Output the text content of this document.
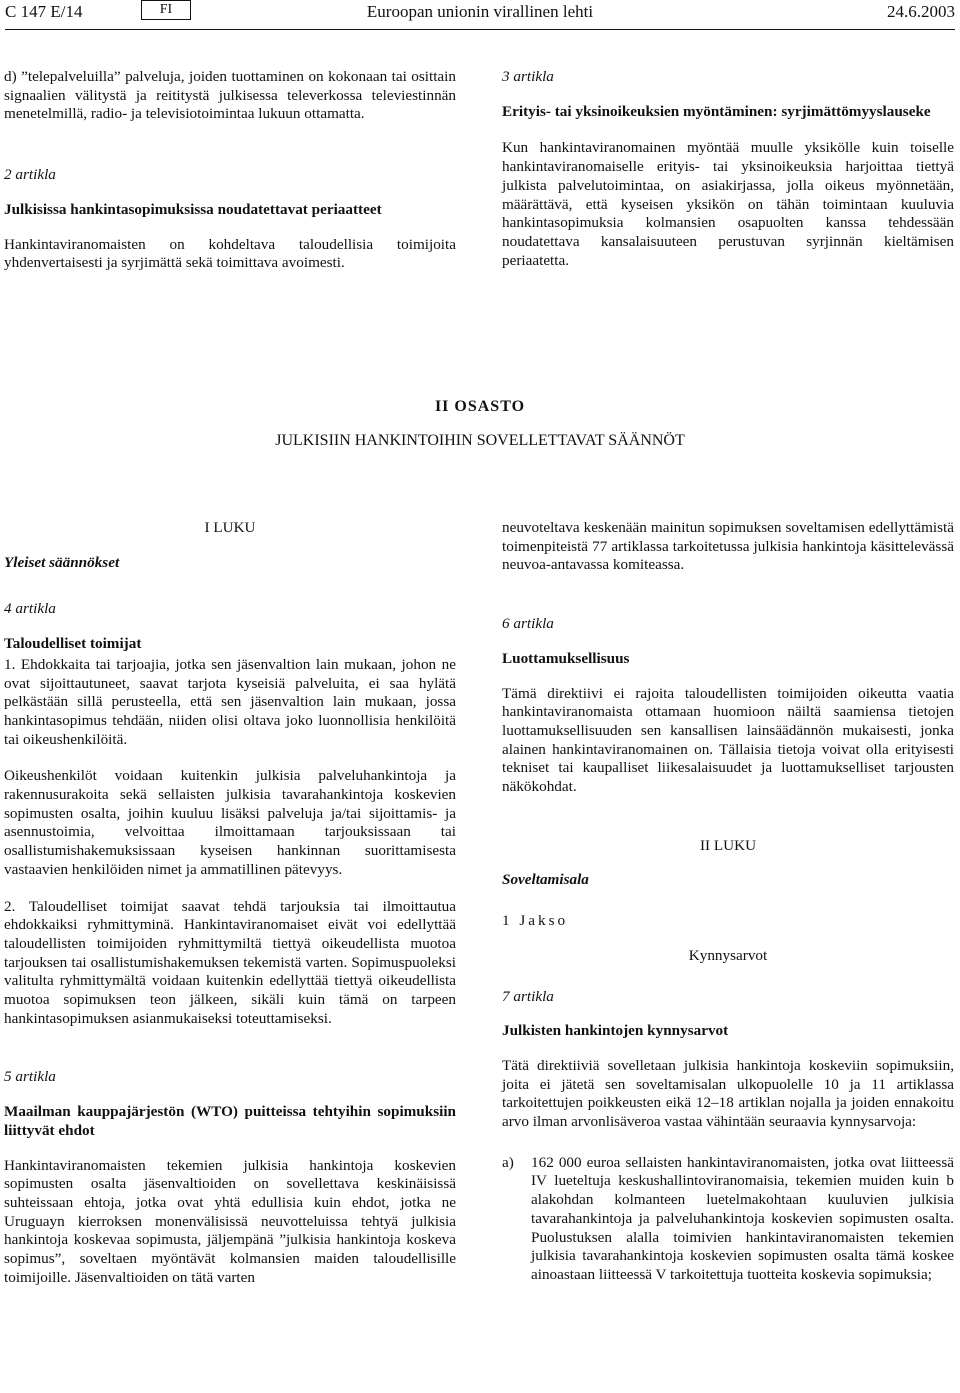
C 147 E/14	FI	Euroopan unionin virallinen lehti	24.6.2003

d) ”telepalveluilla” palveluja, joiden tuottaminen on kokonaan tai osittain signaalien välitystä ja reititystä julkisessa televerkossa televiestinnän menetelmillä, radio- ja televisiotoimintaa lukuun ottamatta.

2 artikla

Julkisissa hankintasopimuksissa noudatettavat periaatteet

Hankintaviranomaisten on kohdeltava taloudellisia toimijoita yhdenvertaisesti ja syrjimättä sekä toimittava avoimesti.

3 artikla

Erityis- tai yksinoikeuksien myöntäminen: syrjimättömyyslauseke

Kun hankintaviranomainen myöntää muulle yksikölle kuin toiselle hankintaviranomaiselle erityis- tai yksinoikeuksia harjoittaa tiettyä julkista palvelutoimintaa, on asiakirjassa, jolla oikeus myönnetään, määrättävä, että kyseisen yksikön on tähän toimintaan kuuluvia hankintasopimuksia kolmansien osapuolten kanssa tehdessään noudatettava kansalaisuuteen perustuvan syrjinnän kieltämisen periaatetta.

II OSASTO
JULKISIIN HANKINTOIHIN SOVELLETTAVAT SÄÄNNÖT

I LUKU

Yleiset säännökset

4 artikla

Taloudelliset toimijat

1. Ehdokkaita tai tarjoajia, jotka sen jäsenvaltion lain mukaan, johon ne ovat sijoittautuneet, saavat tarjota kyseisiä palveluita, ei saa hylätä pelkästään sillä perusteella, että sen jäsenvaltion lain mukaan, jossa hankintasopimus tehdään, niiden olisi oltava joko luonnollisia henkilöitä tai oikeushenkilöitä.

Oikeushenkilöt voidaan kuitenkin julkisia palveluhankintoja ja rakennusurakoita sekä sellaisten julkisia tavarahankintoja koskevien sopimusten osalta, joihin kuuluu lisäksi palveluja ja/tai sijoittamis- ja asennustoimia, velvoittaa ilmoittamaan tarjouksissaan tai osallistumishakemuksissaan kyseisen hankinnan suorittamisesta vastaavien henkilöiden nimet ja ammatillinen pätevyys.

2. Taloudelliset toimijat saavat tehdä tarjouksia tai ilmoittautua ehdokkaiksi ryhmittyminä. Hankintaviranomaiset eivät voi edellyttää taloudellisten toimijoiden ryhmittymiltä tiettyä oikeudellista muotoa tarjouksen tai osallistumishakemuksen tekemistä varten. Sopimuspuoleksi valitulta ryhmittymältä voidaan kuitenkin edellyttää tiettyä oikeudellista muotoa sopimuksen teon jälkeen, sikäli kuin tämä on tarpeen hankintasopimuksen asianmukaiseksi toteuttamiseksi.

5 artikla

Maailman kauppajärjestön (WTO) puitteissa tehtyihin sopimuksiin liittyvät ehdot

Hankintaviranomaisten tekemien julkisia hankintoja koskevien sopimusten osalta jäsenvaltioiden on sovellettava keskinäisissä suhteissaan ehtoja, jotka ovat yhtä edullisia kuin ehdot, jotka ne Uruguayn kierroksen monenvälisissä neuvotteluissa tehtyä julkisia hankintoja koskevaa sopimusta, jäljempänä ”julkisia hankintoja koskeva sopimus”, soveltaen myöntävät kolmansien maiden taloudellisille toimijoille. Jäsenvaltioiden on tätä varten

neuvoteltava keskenään mainitun sopimuksen soveltamisen edellyttämistä toimenpiteistä 77 artiklassa tarkoitetussa julkisia hankintoja käsittelevässä neuvoa-antavassa komiteassa.

6 artikla

Luottamuksellisuus

Tämä direktiivi ei rajoita taloudellisten toimijoiden oikeutta vaatia hankintaviranomaista ottamaan huomioon näiltä saamiensa tietojen luottamuksellisuuden sen kansallisen lainsäädännön mukaisesti, jonka alainen hankintaviranomainen on. Tällaisia tietoja voivat olla erityisesti tekniset tai kaupalliset liikesalaisuudet ja luottamukselliset tarjousten näkökohdat.

II LUKU

Soveltamisala

1 Jakso

Kynnysarvot

7 artikla

Julkisten hankintojen kynnysarvot

Tätä direktiiviä sovelletaan julkisia hankintoja koskeviin sopimuksiin, joita ei jätetä sen soveltamisalan ulkopuolelle 10 ja 11 artiklassa tarkoitettujen poikkeusten eikä 12–18 artiklan nojalla ja joiden ennakoitu arvo ilman arvonlisäveroa vastaa vähintään seuraavia kynnysarvoja:

a)	162 000 euroa sellaisten hankintaviranomaisten, jotka ovat liitteessä IV lueteltuja keskushallintoviranomaisia, tekemien muiden kuin b alakohdan kolmanteen luetelmakohtaan kuuluvien julkisia tavarahankintoja ja palveluhankintoja koskevien sopimusten osalta. Puolustuksen alalla toimivien hankintaviranomaisten tekemien julkisia tavarahankintoja koskevien sopimusten osalta tämä koskee ainoastaan liitteessä V tarkoitettuja tuotteita koskevia sopimuksia;
